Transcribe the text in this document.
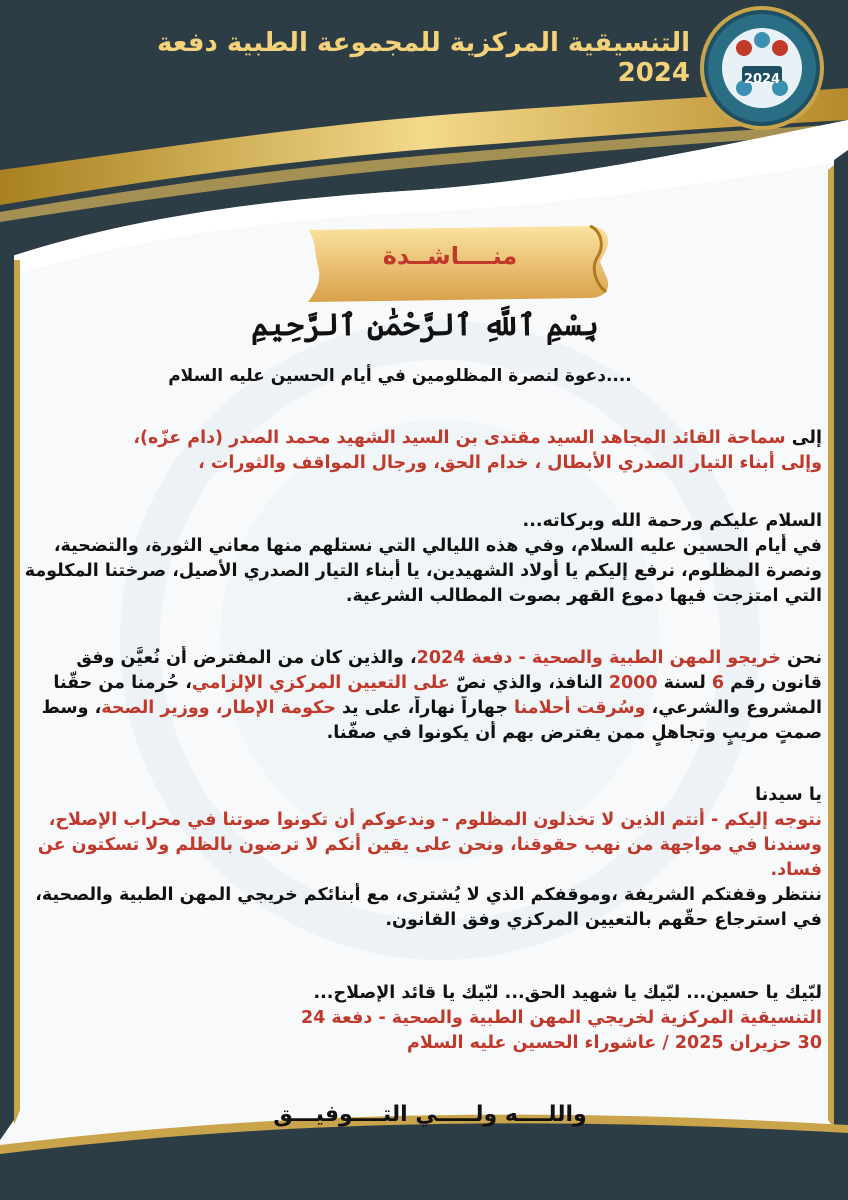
2024
التنسيقية المركزية للمجموعة الطبية دفعة 2024
منــــاشــدة
بِسْمِ ٱللَّهِ ٱلرَّحْمَٰنِ ٱلرَّحِيمِ
دعوة لنصرة المظلومين في أيام الحسين عليه السلام....
إلى سماحة القائد المجاهد السيد مقتدى بن السيد الشهيد محمد الصدر (دام عزّه)،
وإلى أبناء التيار الصدري الأبطال ، خدام الحق، ورجال المواقف والثورات ،
السلام عليكم ورحمة الله وبركاته...
في أيام الحسين عليه السلام، وفي هذه الليالي التي نستلهم منها معاني الثورة، والتضحية،
ونصرة المظلوم، نرفع إليكم يا أولاد الشهيدين، يا أبناء التيار الصدري الأصيل، صرختنا المكلومة
التي امتزجت فيها دموع القهر بصوت المطالب الشرعية.
نحن خريجو المهن الطبية والصحية - دفعة 2024، والذين كان من المفترض أن نُعيَّن وفق
قانون رقم 6 لسنة 2000 النافذ، والذي نصّ على التعيين المركزي الإلزامي، حُرمنا من حقّنا
المشروع والشرعي، وسُرقت أحلامنا جهاراً نهاراً، على يد حكومة الإطار، ووزير الصحة، وسط
صمتٍ مريبٍ وتجاهلٍ ممن يفترض بهم أن يكونوا في صفّنا.
يا سيدنا
نتوجه إليكم - أنتم الذين لا تخذلون المظلوم - وندعوكم أن تكونوا صوتنا في محراب الإصلاح،
وسندنا في مواجهة من نهب حقوقنا، ونحن على يقين أنكم لا ترضون بالظلم ولا تسكتون عن
فساد.
ننتظر وقفتكم الشريفة ،وموقفكم الذي لا يُشترى، مع أبنائكم خريجي المهن الطبية والصحية،
في استرجاع حقّهم بالتعيين المركزي وفق القانون.
لبّيك يا حسين... لبّيك يا شهيد الحق... لبّيك يا قائد الإصلاح...
التنسيقية المركزية لخريجي المهن الطبية والصحية - دفعة 24
30 حزيران 2025 / عاشوراء الحسين عليه السلام
واللــــه ولـــــي التــــوفيـــق
